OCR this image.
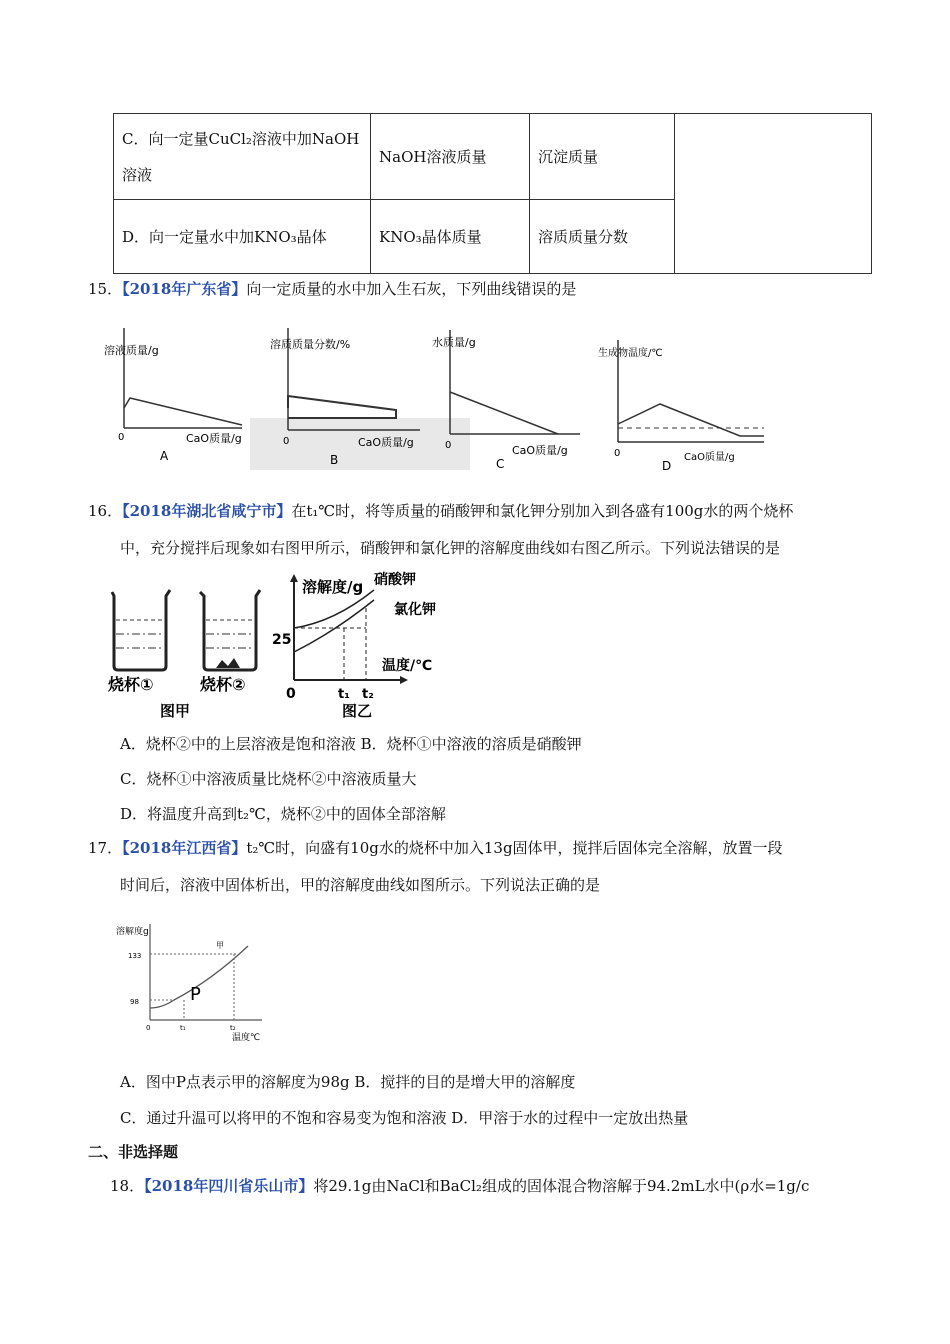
C．向一定量CuCl₂溶液中加NaOH溶液	NaOH溶液质量	沉淀质量	
D．向一定量水中加KNO₃晶体	KNO₃晶体质量	溶质质量分数	
15．【2018年广东省】向一定质量的水中加入生石灰，下列曲线错误的是
溶液质量/g
CaO质量/g
0
A
溶质质量分数/%
CaO质量/g
0
B
水质量/g
CaO质量/g
0
C
生成物温度/℃
CaO质量/g
0
D
16．【2018年湖北省咸宁市】在t₁℃时，将等质量的硝酸钾和氯化钾分别加入到各盛有100g水的两个烧杯
中，充分搅拌后现象如右图甲所示，硝酸钾和氯化钾的溶解度曲线如右图乙所示。下列说法错误的是
烧杯①	烧杯②
图甲
溶解度/g 硝酸钾
氯化钾
25
温度/℃
0	t₁ t₂
图乙
A．烧杯②中的上层溶液是饱和溶液 B．烧杯①中溶液的溶质是硝酸钾
C．烧杯①中溶液质量比烧杯②中溶液质量大
D．将温度升高到t₂℃，烧杯②中的固体全部溶解
17．【2018年江西省】t₂℃时，向盛有10g水的烧杯中加入13g固体甲，搅拌后固体完全溶解，放置一段
时间后，溶液中固体析出，甲的溶解度曲线如图所示。下列说法正确的是
溶解度g
133
98	P
甲
0	t₁	t₂
温度℃
A．图中P点表示甲的溶解度为98g B．搅拌的目的是增大甲的溶解度
C．通过升温可以将甲的不饱和容易变为饱和溶液 D．甲溶于水的过程中一定放出热量
二、非选择题
18．【2018年四川省乐山市】将29.1g由NaCl和BaCl₂组成的固体混合物溶解于94.2mL水中(ρ水=1g/c
